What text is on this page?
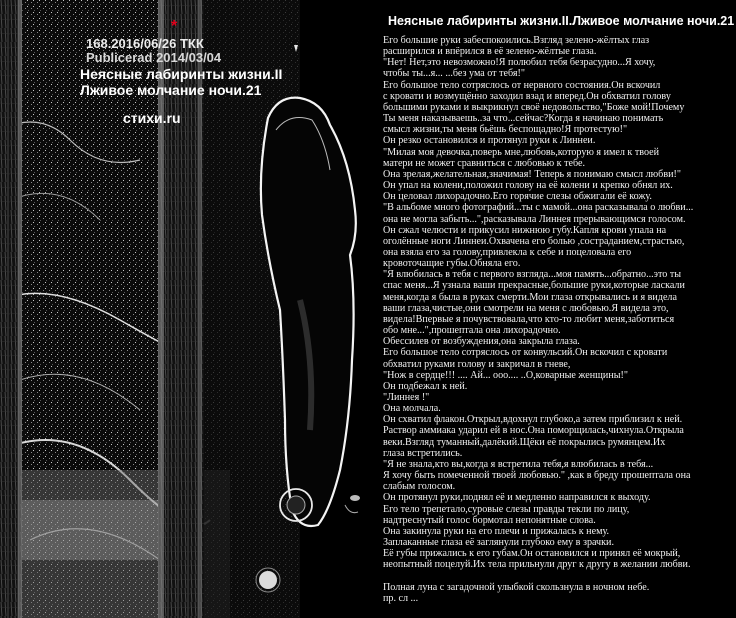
*
168.2016/06/26 ТКК
Publicerad 2014/03/04
Неясные лабиринты жизни.II
Лживое молчание ночи.21
стихи.ru
Неясные лабиринты жизни.II.Лживое молчание ночи.21
Его большие руки забеспокоились.Взгляд зелено-жёлтых глаз
расширился и впёрился в её зелено-жёлтые глаза.
"Нет! Нет,это невозможно!Я полюбил тебя безрасудно...Я хочу,
чтобы ты...я... ...без ума от тебя!"
Его большое тело сотряслось от нервного состояния.Он вскочил
с кровати и возмущённо заходил взад и вперед.Он обхватил голову
большими руками и выкрикнул своё недовольство,"Боже мой!Почему
Ты меня наказываешь..за что...сейчас?Когда я начинаю понимать
смысл жизни,ты меня бьёшь беспощадно!Я протестую!"
Он резко остановился и протянул руки к Линнеи.
"Милая моя девочка,поверь мне,любовь,которую я имел к твоей
матери не может сравниться с любовью к тебе.
Она зрелая,желательная,значимая! Теперь я понимаю смысл любви!"
Он упал на колени,положил голову на её колени и крепко обнял их.
Он целовал лихорадочно.Его горячие слезы обжигали её кожу.
"В альбоме много фотографий...ты с мамой...она расказывала о любви...
она не могла забыть...",расказывала Линнея прерывающимся голосом.
Он сжал челюсти и прикусил нижнюю губу.Капля крови упала на
оголённые ноги Линнеи.Охвачена его болью ,состраданием,страстью,
она взяла его за голову,привлекла к себе и поцеловала его
кровоточащие губы.Обняла его.
"Я влюбилась в тебя с первого взгляда...моя память...обратно...это ты
спас меня...Я узнала ваши прекрасные,большие руки,которые ласкали
меня,когда я была в руках смерти.Мои глаза открывались и я видела
ваши глаза,чистые,они смотрели на меня с любовью.Я видела это,
видела!Впервые я почувствовала,что кто-то любит меня,заботиться
обо мне...",прошептала она лихорадочно.
Обессилев от возбуждения,она закрыла глаза.
Его большое тело сотряслось от конвульсий.Он вскочил с кровати
обхватил руками голову и закричал в гневе,
"Нож в сердце!!! .... Ай... ооо.... ..О,коварные женщины!"
Он подбежал к ней.
"Линнея !"
Она молчала.
Он схватил флакон.Открыл,вдохнул глубоко,а затем приблизил к ней.
Раствор аммиака ударил ей в нос.Она поморщилась,чихнула.Открыла
веки.Взгляд туманный,далёкий.Щёки её покрылись румянцем.Их
глаза встретились.
"Я не знала,кто вы,когда я встретила тебя,я влюбилась в тебя...
Я хочу быть помеченной твоей любовью." ,как в бреду прошептала она
слабым голосом.
Он протянул руки,поднял её и медленно направился к выходу.
Его тело трепетало,суровые слезы правды текли по лицу,
надтреснутый голос бормотал непонятные слова.
Она закинула руки на его плечи и прижалась к нему.
Заплаканные глаза её заглянули глубоко ему в зрачки.
Её губы прижались к его губам.Он остановился и принял её мокрый,
неопытный поцелуй.Их тела прильнули друг к другу в желании любви.

Полная луна с загадочной улыбкой скользнула в ночном небе.
пр. сл ...
